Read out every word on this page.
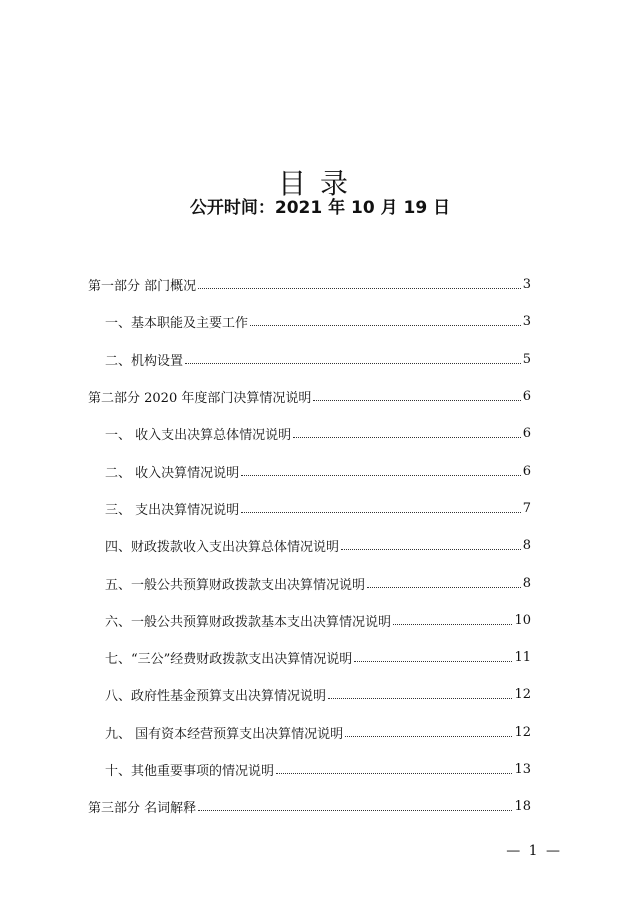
目录
公开时间：2021 年 10 月 19 日
第一部分 部门概况	3
一、基本职能及主要工作	3
二、机构设置	5
第二部分 2020 年度部门决算情况说明	6
一、 收入支出决算总体情况说明	6
二、 收入决算情况说明	6
三、 支出决算情况说明	7
四、财政拨款收入支出决算总体情况说明	8
五、一般公共预算财政拨款支出决算情况说明	8
六、一般公共预算财政拨款基本支出决算情况说明	10
七、“三公”经费财政拨款支出决算情况说明	11
八、政府性基金预算支出决算情况说明	12
九、 国有资本经营预算支出决算情况说明	12
十、其他重要事项的情况说明	13
第三部分 名词解释	18
— 1 —
